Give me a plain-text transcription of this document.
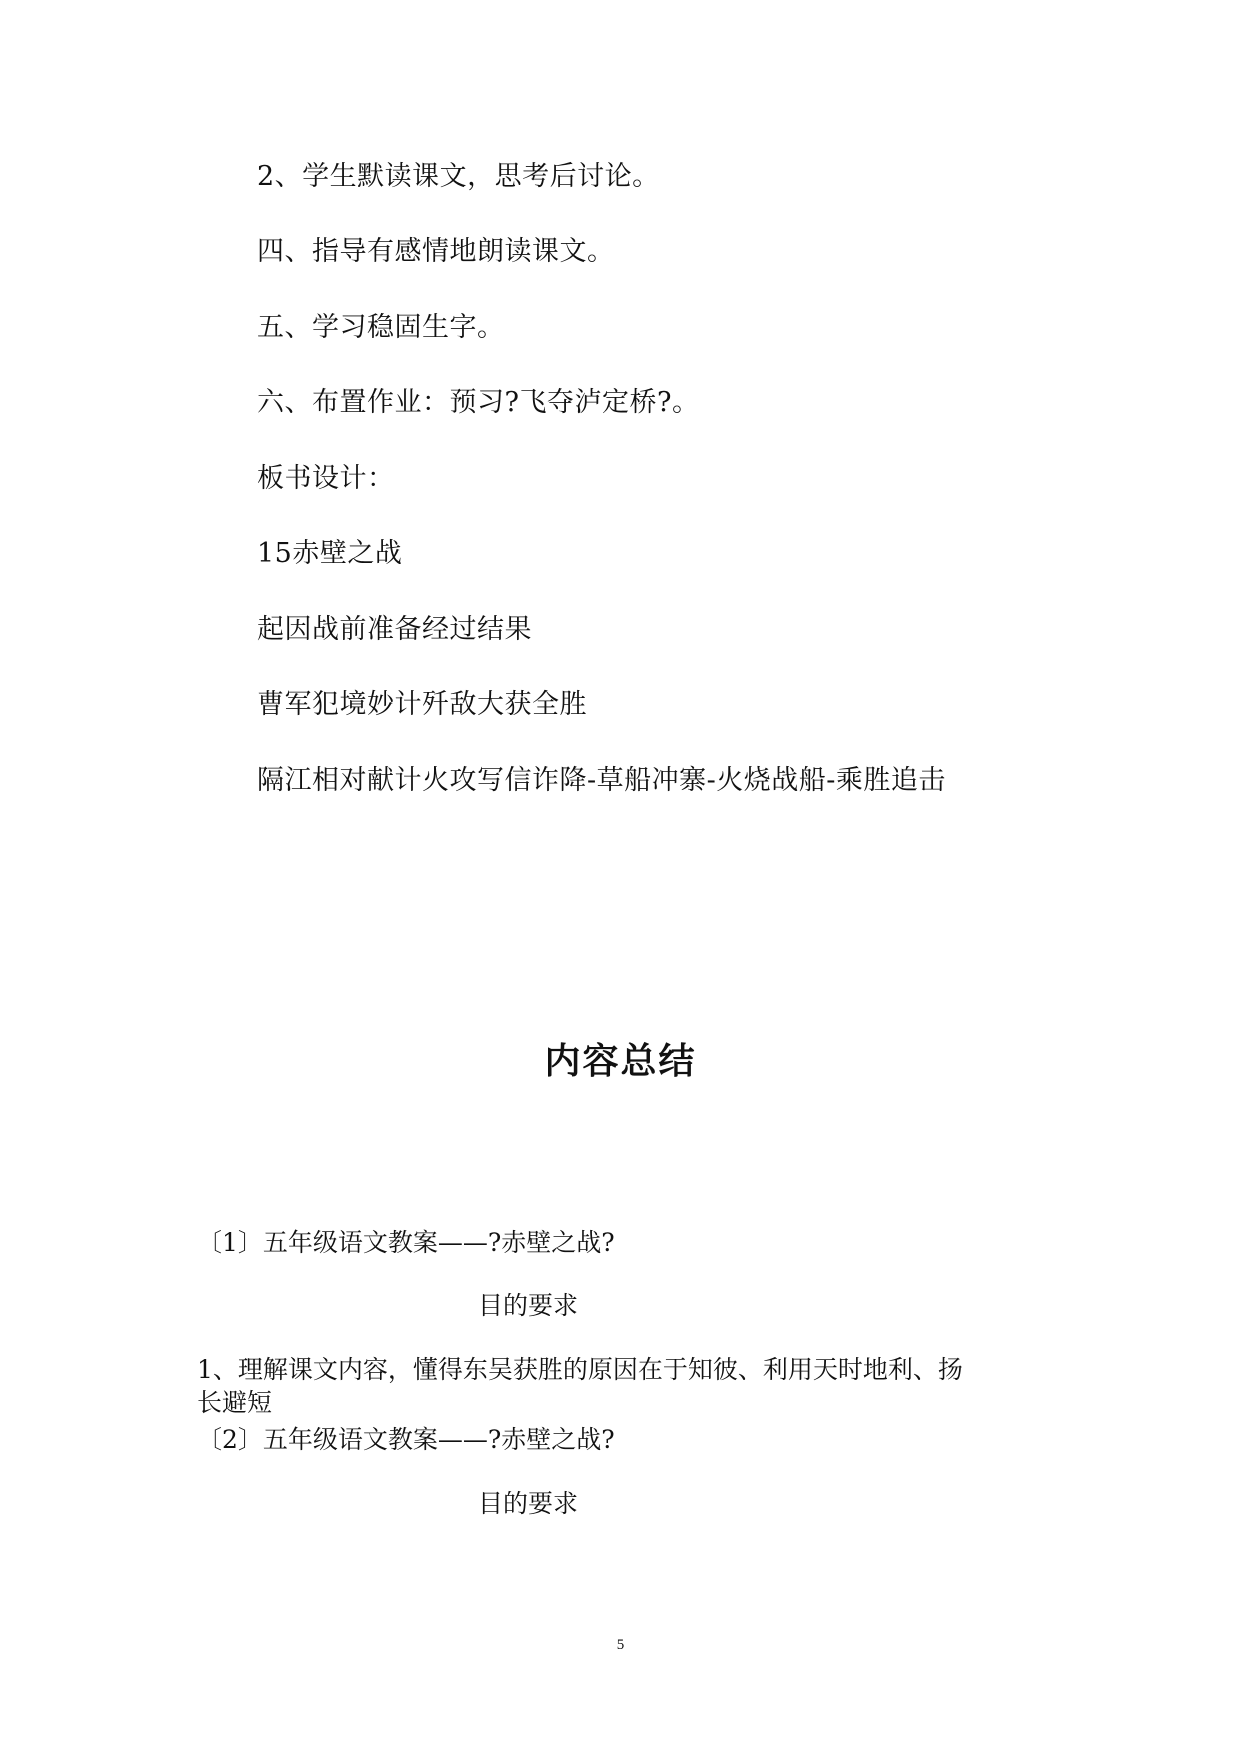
2、学生默读课文，思考后讨论。
四、指导有感情地朗读课文。
五、学习稳固生字。
六、布置作业：预习?飞夺泸定桥?。
板书设计：
15赤壁之战
起因战前准备经过结果
曹军犯境妙计歼敌大获全胜
隔江相对献计火攻写信诈降-草船冲寨-火烧战船-乘胜追击
内容总结
〔1〕五年级语文教案——?赤壁之战?
目的要求
1、理解课文内容，懂得东吴获胜的原因在于知彼、利用天时地利、扬
长避短
〔2〕五年级语文教案——?赤壁之战?
目的要求
5
